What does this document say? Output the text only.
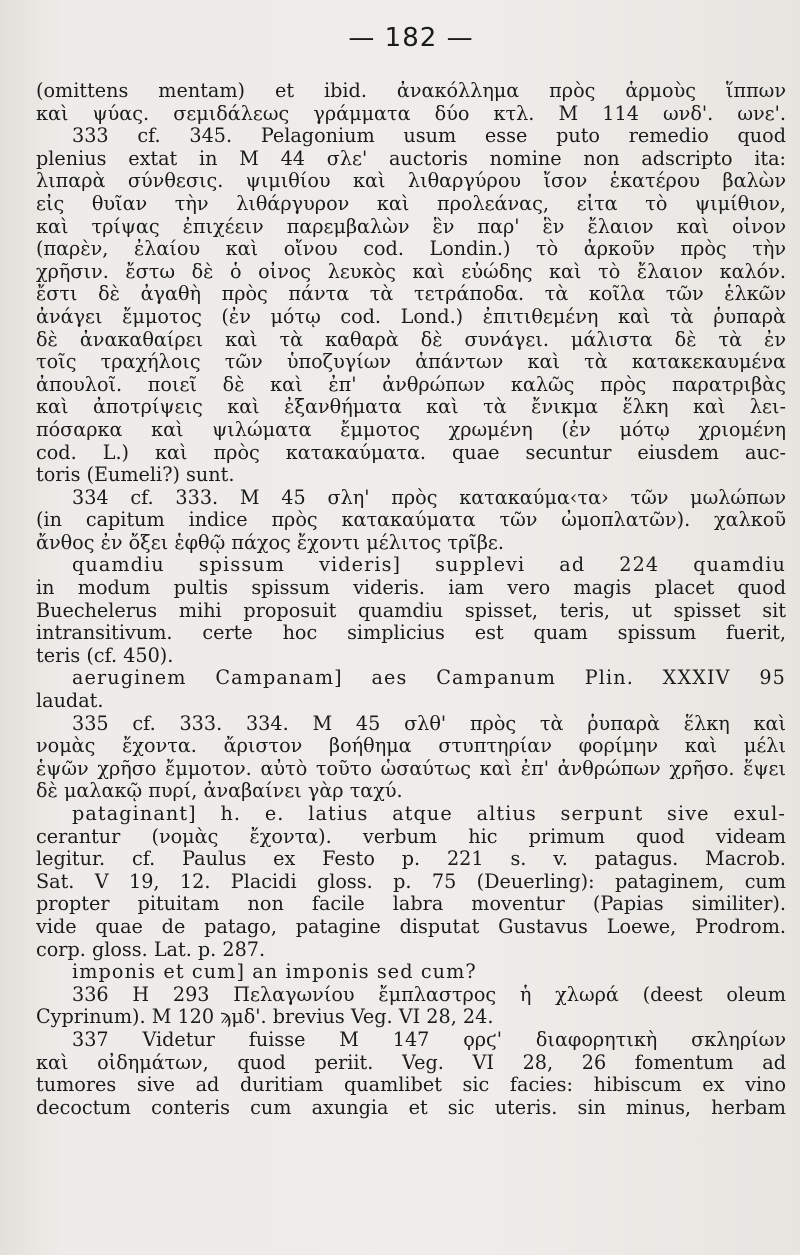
— 182 —
(omittens mentam) et ibid. ἀνακόλλημα πρὸς ἁρμοὺς ἵππων
καὶ ψύας. σεμιδάλεως γράμματα δύο κτλ. M 114 ωνδ'. ωνε'.
333 cf. 345. Pelagonium usum esse puto remedio quod
plenius extat in M 44 σλε' auctoris nomine non adscripto ita:
λιπαρὰ σύνθεσις. ψιμιθίου καὶ λιθαργύρου ἴσον ἑκατέρου βαλὼν
εἰς θυῖαν τὴν λιθάργυρον καὶ προλεάνας, εἶτα τὸ ψιμίθιον,
καὶ τρίψας ἐπιχέειν παρεμβαλὼν ἓν παρ' ἓν ἔλαιον καὶ οἶνον
(παρὲν, ἐλαίου καὶ οἴνου cod. Londin.) τὸ ἀρκοῦν πρὸς τὴν
χρῆσιν. ἔστω δὲ ὁ οἶνος λευκὸς καὶ εὐώδης καὶ τὸ ἔλαιον καλόν.
ἔστι δὲ ἀγαθὴ πρὸς πάντα τὰ τετράποδα. τὰ κοῖλα τῶν ἑλκῶν
ἀνάγει ἔμμοτος (ἐν μότῳ cod. Lond.) ἐπιτιθεμένη καὶ τὰ ῥυπαρὰ
δὲ ἀνακαθαίρει καὶ τὰ καθαρὰ δὲ συνάγει. μάλιστα δὲ τὰ ἐν
τοῖς τραχήλοις τῶν ὑποζυγίων ἁπάντων καὶ τὰ κατακεκαυμένα
ἀπουλοῖ. ποιεῖ δὲ καὶ ἐπ' ἀνθρώπων καλῶς πρὸς παρατριβὰς
καὶ ἀποτρίψεις καὶ ἐξανθήματα καὶ τὰ ἔνικμα ἕλκη καὶ λει-
πόσαρκα καὶ ψιλώματα ἔμμοτος χρωμένη (ἐν μότῳ χριομένη
cod. L.) καὶ πρὸς κατακαύματα. quae secuntur eiusdem auc-
toris (Eumeli?) sunt.
334 cf. 333. M 45 σλη' πρὸς κατακαύμα‹τα› τῶν μωλώπων
(in capitum indice πρὸς κατακαύματα τῶν ὠμοπλατῶν). χαλκοῦ
ἄνθος ἐν ὄξει ἑφθῷ πάχος ἔχοντι μέλιτος τρῖβε.
quamdiu spissum videris] supplevi ad 224 quamdiu
in modum pultis spissum videris. iam vero magis placet quod
Buechelerus mihi proposuit quamdiu spisset, teris, ut spisset sit
intransitivum. certe hoc simplicius est quam spissum fuerit,
teris (cf. 450).
aeruginem Campanam] aes Campanum Plin. XXXIV 95
laudat.
335 cf. 333. 334. M 45 σλθ' πρὸς τὰ ῥυπαρὰ ἕλκη καὶ
νομὰς ἔχοντα. ἄριστον βοήθημα στυπτηρίαν φορίμην καὶ μέλι
ἑψῶν χρῆσο ἔμμοτον. αὐτὸ τοῦτο ὡσαύτως καὶ ἐπ' ἀνθρώπων χρῆσο. ἕψει
δὲ μαλακῷ πυρί, ἀναβαίνει γὰρ ταχύ.
pataginant] h. e. latius atque altius serpunt sive exul-
cerantur (νομὰς ἔχοντα). verbum hic primum quod videam
legitur. cf. Paulus ex Festo p. 221 s. v. patagus. Macrob.
Sat. V 19, 12. Placidi gloss. p. 75 (Deuerling): pataginem, cum
propter pituitam non facile labra moventur (Papias similiter).
vide quae de patago, patagine disputat Gustavus Loewe, Prodrom.
corp. gloss. Lat. p. 287.
imponis et cum] an imponis sed cum?
336 H 293 Πελαγωνίου ἔμπλαστρος ἡ χλωρά (deest oleum
Cyprinum). M 120 ϡμδ'. brevius Veg. VI 28, 24.
337 Videtur fuisse M 147 ϙρϛ' διαφορητικὴ σκληρίων
καὶ οἰδημάτων, quod periit. Veg. VI 28, 26 fomentum ad
tumores sive ad duritiam quamlibet sic facies: hibiscum ex vino
decoctum conteris cum axungia et sic uteris. sin minus, herbam
